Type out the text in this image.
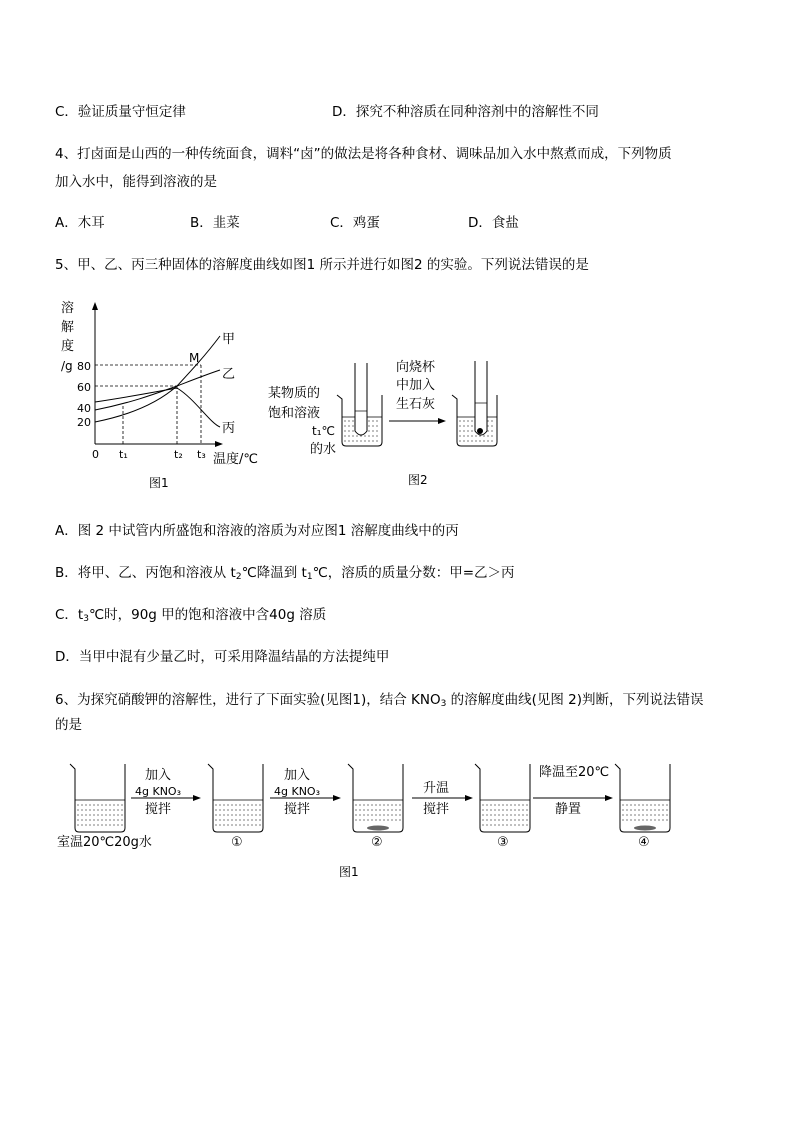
C．验证质量守恒定律	D．探究不种溶质在同种溶剂中的溶解性不同
4、打卤面是山西的一种传统面食，调料“卤”的做法是将各种食材、调味品加入水中熬煮而成，下列物质
加入水中，能得到溶液的是
A．木耳	B．韭菜	C．鸡蛋	D．食盐
5、甲、乙、丙三种固体的溶解度曲线如图1 所示并进行如图2 的实验。下列说法错误的是
溶
解
度
/g 80
60
40
20
0 t₁	t₂ t₃ 温度/℃
M
甲
乙
丙
图1
某物质的
饱和溶液
t₁℃
的水
向烧杯
中加入
生石灰
图2
A．图 2 中试管内所盛饱和溶液的溶质为对应图1 溶解度曲线中的丙
B．将甲、乙、丙饱和溶液从 $t_2℃$降温到 $t_1℃$，溶质的质量分数：甲=乙＞丙
C．$t_3℃$时，90g 甲的饱和溶液中含40g 溶质
D．当甲中混有少量乙时，可采用降温结晶的方法提纯甲
6、为探究硝酸钾的溶解性，进行了下面实验(见图1)，结合 $KNO_3$ 的溶解度曲线(见图 2)判断，下列说法错误
的是
室温20℃20g水
加入
4g KNO₃
搅拌
①
加入
4g KNO₃
搅拌
②
升温
搅拌
③
降温至20℃
静置
④
图1
